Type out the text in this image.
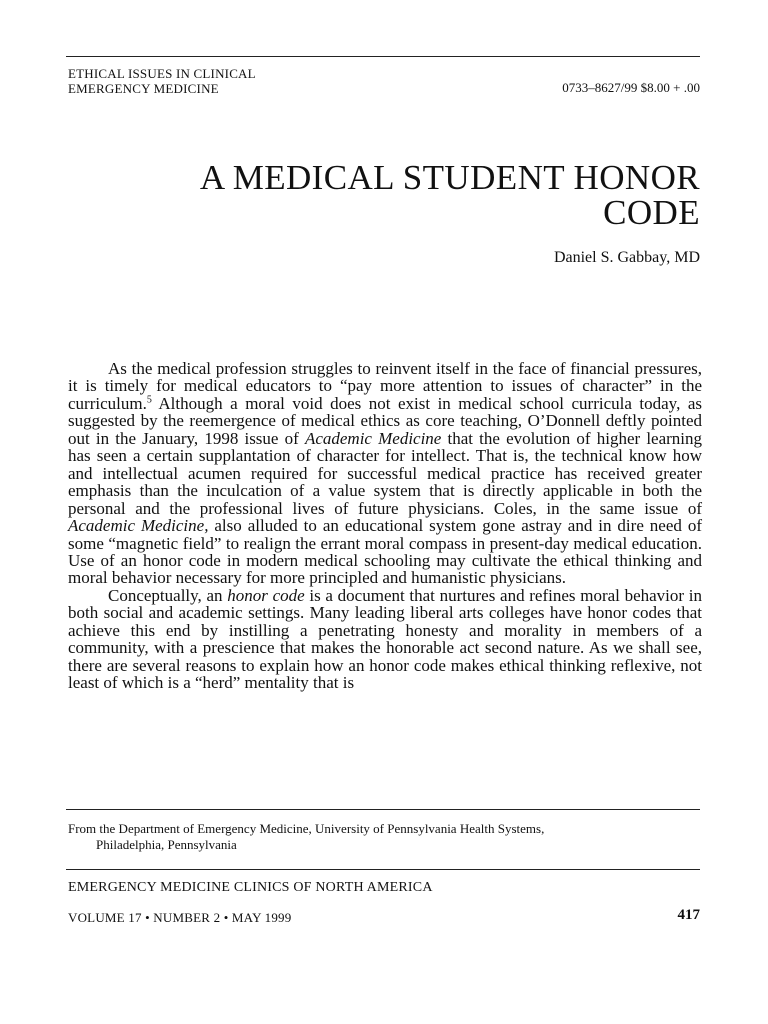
ETHICAL ISSUES IN CLINICAL
EMERGENCY MEDICINE	0733–8627/99 $8.00 + .00
A MEDICAL STUDENT HONOR
CODE
Daniel S. Gabbay, MD

As the medical profession struggles to reinvent itself in the face of financial pressures, it is timely for medical educators to “pay more attention to issues of character” in the curriculum.$^5$ Although a moral void does not exist in medical school curricula today, as suggested by the reemergence of medical ethics as core teaching, O’Donnell deftly pointed out in the January, 1998 issue of Academic Medicine that the evolution of higher learning has seen a certain supplantation of character for intellect. That is, the technical know how and intellectual acumen required for successful medical practice has received greater emphasis than the inculcation of a value system that is directly applicable in both the personal and the professional lives of future physicians. Coles, in the same issue of Academic Medicine, also alluded to an educational system gone astray and in dire need of some “magnetic field” to realign the errant moral compass in present-day medical education. Use of an honor code in modern medical schooling may cultivate the ethical thinking and moral behavior necessary for more principled and humanistic physicians.

Conceptually, an honor code is a document that nurtures and refines moral behavior in both social and academic settings. Many leading liberal arts colleges have honor codes that achieve this end by instilling a penetrating honesty and morality in members of a community, with a prescience that makes the honorable act second nature. As we shall see, there are several reasons to explain how an honor code makes ethical thinking reflexive, not least of which is a “herd” mentality that is

From the Department of Emergency Medicine, University of Pennsylvania Health Systems,
Philadelphia, Pennsylvania
EMERGENCY MEDICINE CLINICS OF NORTH AMERICA
VOLUME 17 • NUMBER 2 • MAY 1999	417
